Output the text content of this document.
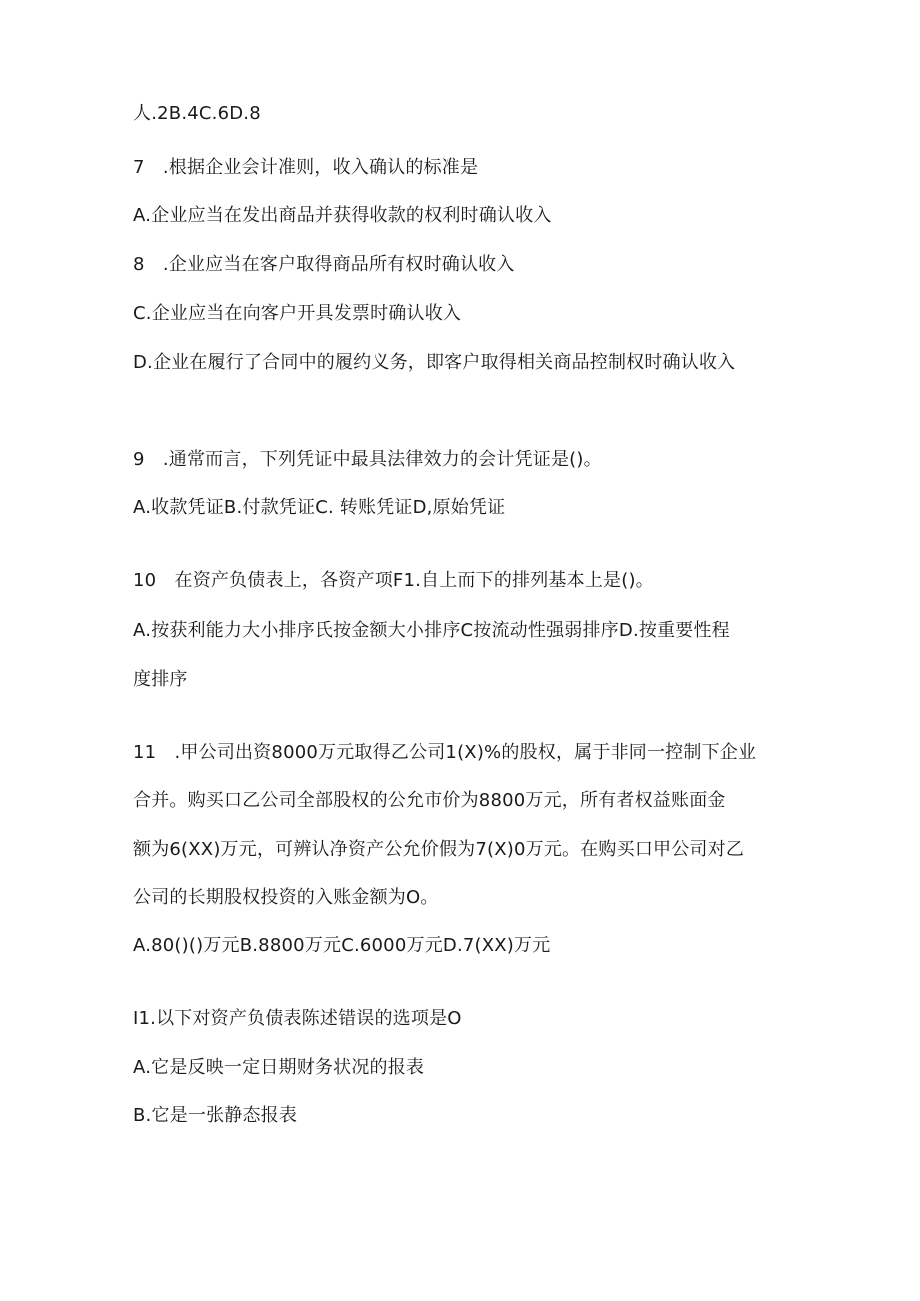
人.2B.4C.6D.8
7　.根据企业会计准则，收入确认的标准是
A.企业应当在发出商品并获得收款的权利时确认收入
8　.企业应当在客户取得商品所有权时确认收入
C.企业应当在向客户开具发票时确认收入
D.企业在履行了合同中的履约义务，即客户取得相关商品控制权时确认收入
9　.通常而言，下列凭证中最具法律效力的会计凭证是()。
A.收款凭证B.付款凭证C. 转账凭证D,原始凭证
10　在资产负债表上，各资产项F1.自上而下的排列基本上是()。
A.按获利能力大小排序氏按金额大小排序C按流动性强弱排序D.按重要性程
度排序
11　.甲公司出资8000万元取得乙公司1(X)%的股权，属于非同一控制下企业
合并。购买口乙公司全部股权的公允市价为8800万元，所有者权益账面金
额为6(XX)万元，可辨认净资产公允价假为7(X)0万元。在购买口甲公司对乙
公司的长期股权投资的入账金额为O。
A.80()()万元B.8800万元C.6000万元D.7(XX)万元
I1.以下对资产负债表陈述错误的选项是O
A.它是反映一定日期财务状况的报表
B.它是一张静态报表
